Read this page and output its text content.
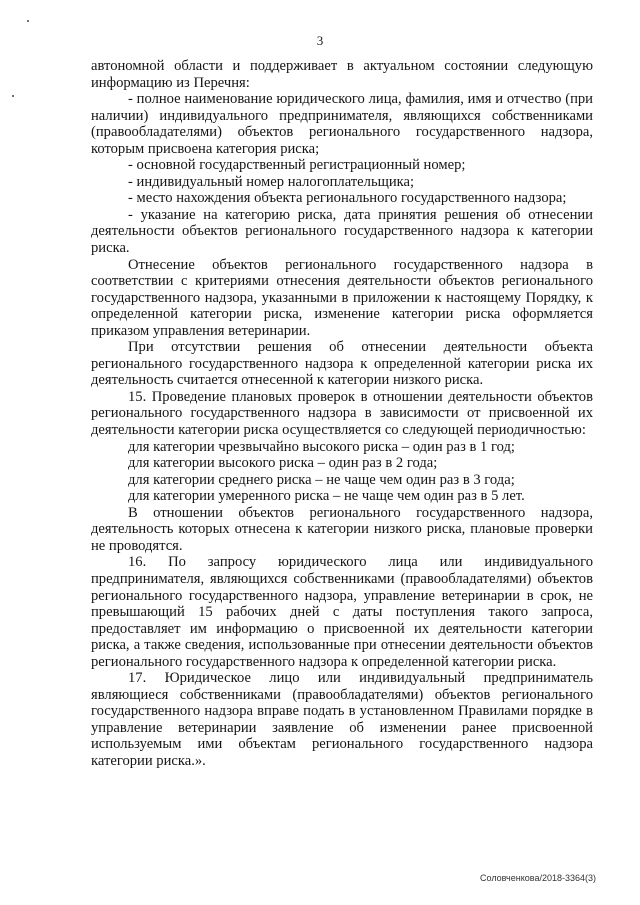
3

автономной области и поддерживает в актуальном состоянии следующую информацию из Перечня:

- полное наименование юридического лица, фамилия, имя и отчество (при наличии) индивидуального предпринимателя, являющихся собственниками (правообладателями) объектов регионального государственного надзора, которым присвоена категория риска;

- основной государственный регистрационный номер;

- индивидуальный номер налогоплательщика;

- место нахождения объекта регионального государственного надзора;

- указание на категорию риска, дата принятия решения об отнесении деятельности объектов регионального государственного надзора к категории риска.

Отнесение объектов регионального государственного надзора в соответствии с критериями отнесения деятельности объектов регионального государственного надзора, указанными в приложении к настоящему Порядку, к определенной категории риска, изменение категории риска оформляется приказом управления ветеринарии.

При отсутствии решения об отнесении деятельности объекта регионального государственного надзора к определенной категории риска их деятельность считается отнесенной к категории низкого риска.

15. Проведение плановых проверок в отношении деятельности объектов регионального государственного надзора в зависимости от присвоенной их деятельности категории риска осуществляется со следующей периодичностью:

для категории чрезвычайно высокого риска – один раз в 1 год;

для категории высокого риска – один раз в 2 года;

для категории среднего риска – не чаще чем один раз в 3 года;

для категории умеренного риска – не чаще чем один раз в 5 лет.

В отношении объектов регионального государственного надзора, деятельность которых отнесена к категории низкого риска, плановые проверки не проводятся.

16. По запросу юридического лица или индивидуального предпринимателя, являющихся собственниками (правообладателями) объектов регионального государственного надзора, управление ветеринарии в срок, не превышающий 15 рабочих дней с даты поступления такого запроса, предоставляет им информацию о присвоенной их деятельности категории риска, а также сведения, использованные при отнесении деятельности объектов регионального государственного надзора к определенной категории риска.

17. Юридическое лицо или индивидуальный предприниматель являющиеся собственниками (правообладателями) объектов регионального государственного надзора вправе подать в установленном Правилами порядке в управление ветеринарии заявление об изменении ранее присвоенной используемым ими объектам регионального государственного надзора категории риска.».

Соловченкова/2018-3364(3)
